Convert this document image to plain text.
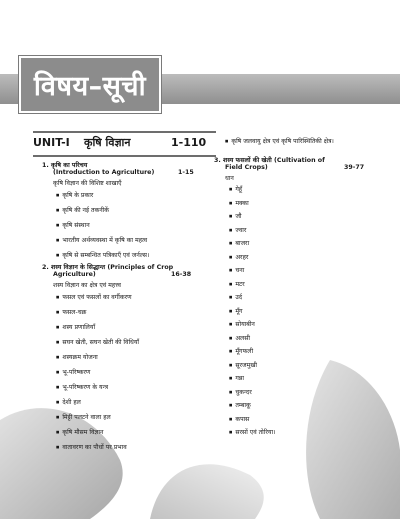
विषय–सूची
UNIT-I कृषि विज्ञान	1-110
1. कृषि का परिचय
(Introduction to Agriculture)	1-15
कृषि विज्ञान की विशिष्ट शाखाएँ
■ कृषि के प्रकार
■ कृषि की नई तकनीकें
■ कृषि संस्थान
■ भारतीय अर्थव्यवस्था में कृषि का महत्व
■ कृषि से सम्बन्धित पत्रिकाएँ एवं जर्नल्स।
2. शस्य विज्ञान के सिद्धान्त (Principles of Crop
Agriculture)	16-38
शस्य विज्ञान का क्षेत्र एवं महत्त्व
■ फसल एवं फसलों का वर्गीकरण
■ फसल-चक्र
■ शस्य प्रणालियाँ
■ सघन खेती, सघन खेती की विधियाँ
■ शस्यक्रम योजना
■ भू-परिष्करण
■ भू-परिष्करण के यन्त्र
■ देशी हल
■ मिट्टी पलटने वाला हल
■ कृषि मौसम विज्ञान
■ वातावरण का पौधों पर प्रभाव
■ कृषि जलवायु क्षेत्र एवं कृषि पारिस्थितिकी क्षेत्र।
3. शस्य फसलों की खेती (Cultivation of
Field Crops)	39-77
धान
■ गेहूँ
■ मक्का
■ जौ
■ ज्वार
■ बाजरा
■ अरहर
■ चना
■ मटर
■ उर्द
■ मूँग
■ सोयाबीन
■ अलसी
■ मूँगफली
■ सूरजमुखी
■ गन्ना
■ चुकन्दर
■ तम्बाकू
■ कपास
■ सरसों एवं तोरिया।
